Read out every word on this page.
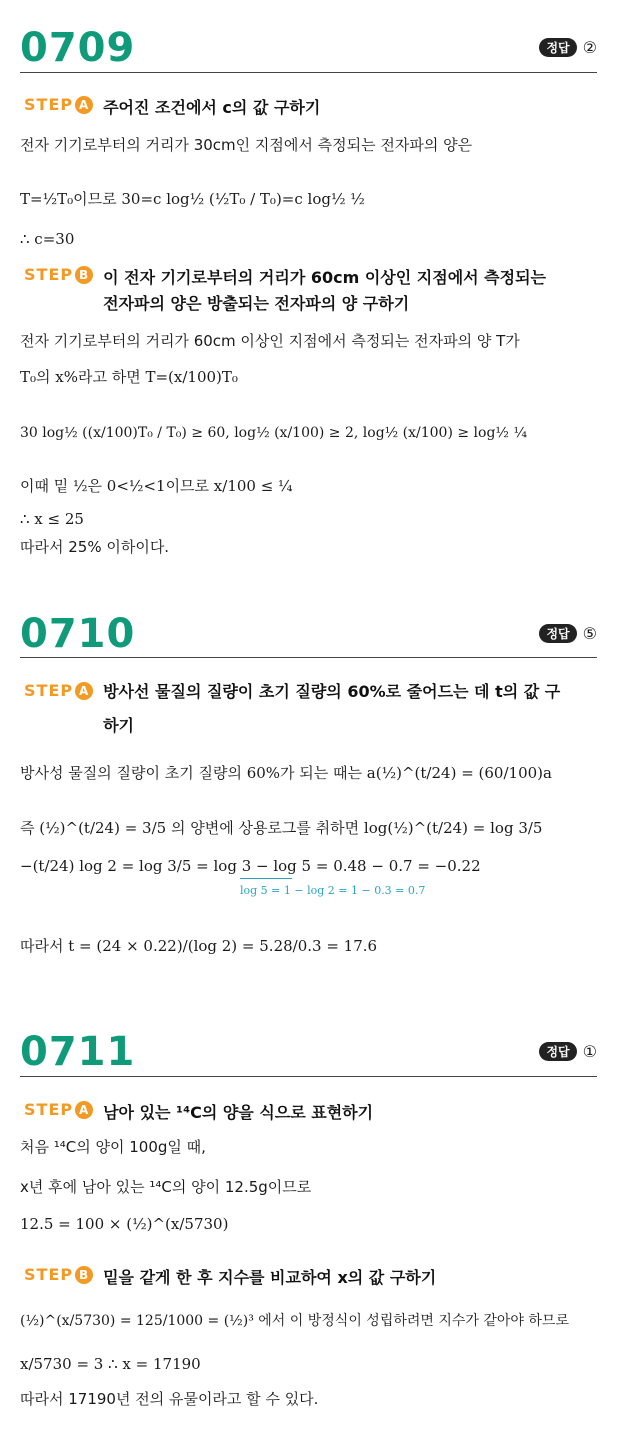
0709	정답 ②
STEP A 주어진 조건에서 c의 값 구하기
전자 기기로부터의 거리가 30cm인 지점에서 측정되는 전자파의 양은
T=½T₀이므로 30=c log½ (½T₀ / T₀)=c log½ ½
∴ c=30
STEP B 이 전자 기기로부터의 거리가 60cm 이상인 지점에서 측정되는 전자파의 양은 방출되는 전자파의 양 구하기
전자 기기로부터의 거리가 60cm 이상인 지점에서 측정되는 전자파의 양 T가
T₀의 x%라고 하면 T=(x/100)T₀
30 log½ ((x/100)T₀ / T₀) ≥ 60, log½ (x/100) ≥ 2, log½ (x/100) ≥ log½ ¼
이때 밑 ½은 0<½<1이므로 x/100 ≤ ¼
∴ x ≤ 25
따라서 25% 이하이다.
0710	정답 ⑤
STEP A 방사선 물질의 질량이 초기 질량의 60%로 줄어드는 데 t의 값 구하기
방사성 물질의 질량이 초기 질량의 60%가 되는 때는 a(½)^(t/24) = (60/100)a
즉 (½)^(t/24) = 3/5 의 양변에 상용로그를 취하면 log(½)^(t/24) = log 3/5
−(t/24) log 2 = log 3/5 = log 3 − log 5 = 0.48 − 0.7 = −0.22
log 5 = 1 − log 2 = 1 − 0.3 = 0.7
따라서 t = (24 × 0.22)/(log 2) = 5.28/0.3 = 17.6
0711	정답 ①
STEP A 남아 있는 ¹⁴C의 양을 식으로 표현하기
처음 ¹⁴C의 양이 100g일 때,
x년 후에 남아 있는 ¹⁴C의 양이 12.5g이므로
12.5 = 100 × (½)^(x/5730)
STEP B 밑을 같게 한 후 지수를 비교하여 x의 값 구하기
(½)^(x/5730) = 125/1000 = (½)³ 에서 이 방정식이 성립하려면 지수가 같아야 하므로
x/5730 = 3 ∴ x = 17190
따라서 17190년 전의 유물이라고 할 수 있다.
